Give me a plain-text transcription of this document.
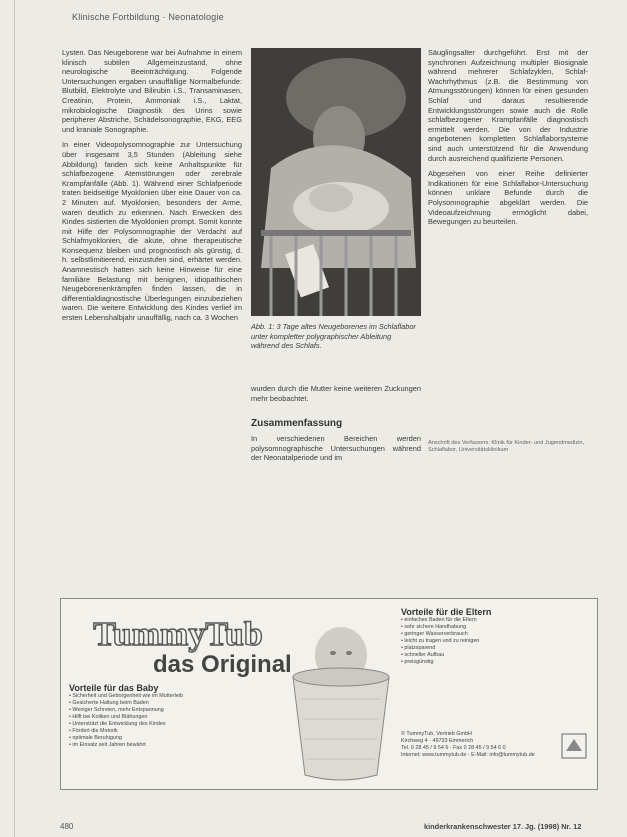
Klinische Fortbildung · Neonatologie

Lysten. Das Neugeborene war bei Aufnahme in einem klinisch subtilen Allgemeinzustand, ohne neurologische Beeinträchtigung. Folgende Untersuchungen ergaben unauffällige Normalbefunde: Blutbild, Elektrolyte und Bilirubin i.S., Transaminasen, Creatinin, Protein, Ammoniak i.S., Laktat, mikrobiologische Diagnostik des Urins sowie peripherer Abstriche, Schädelsonographie, EKG, EEG und kraniale Sonographie.

In einer Videopolysomnographie zur Untersuchung über insgesamt 3,5 Stunden (Ableitung siehe Abbildung) fanden sich keine Anhaltspunkte für schlafbezogene Atemstörungen oder zerebrale Krampfanfälle (Abb. 1). Während einer Schlafperiode traten beidseitige Myoklonien über eine Dauer von ca. 2 Minuten auf. Myoklonien, besonders der Arme, waren deutlich zu erkennen. Nach Erwecken des Kindes sistierten die Myoklonien prompt. Somit konnte mit Hilfe der Polysomnographie der Verdacht auf Schlafmyoklonien, die akute, ohne therapeutische Konsequenz bleiben und prognostisch als günstig, d. h. selbstlimitierend, einzustufen sind, erhärtet werden. Anamnestisch hatten sich keine Hinweise für eine familiäre Belastung mit benignen, idiopathischen Neugeborenenkrämpfen finden lassen, die in differentialdiagnostische Überlegungen einzubeziehen waren. Die weitere Entwicklung des Kindes verlief im ersten Lebenshalbjahr unauffällig, nach ca. 3 Wochen

Abb. 1: 3 Tage altes Neugeborenes im Schlaflabor unter kompletter polygraphischer Ableitung während des Schlafs.
wurden durch die Mutter keine weiteren Zuckungen mehr beobachtet.
Zusammenfassung
In verschiedenen Bereichen werden polysomnographische Untersuchungen während der Neonatalperiode und im

Säuglingsalter durchgeführt. Erst mit der synchronen Aufzeichnung multipler Biosignale während mehrerer Schlafzyklen, Schlaf-Wachrhythmus (z.B. die Bestimmung von Atmungsstörungen) können für einen gesunden Schlaf und daraus resultierende Entwicklungsstörungen sowie auch die Rolle schlafbezogener Krampfanfälle diagnostisch ermittelt werden. Die von der Industrie angebotenen kompletten Schlaflaborsysteme sind auch unterstützend für die Anwendung durch ausreichend qualifizierte Personen.

Abgesehen von einer Reihe definierter Indikationen für eine Schlaflabor-Untersuchung können unklare Befunde durch die Polysomnographie abgeklärt werden. Die Videoaufzeichnung ermöglicht dabei, Bewegungen zu beurteilen.

Anschrift des Verfassers: Klinik für Kinder- und Jugendmedizin, Schlaflabor, Universitätsklinikum
TummyTub
das Original
Vorteile für das Baby
• Sicherheit und Geborgenheit wie im Mutterleib
• Gesicherte Haltung beim Baden
• Weniger Schreien, mehr Entspannung
• Hilft bei Koliken und Blähungen
• Unterstützt die Entwicklung des Kindes
• Fördert die Motorik
• optimale Beruhigung
• im Einsatz seit Jahren bewährt
Vorteile für die Eltern
• einfaches Baden für die Eltern
• sehr sichere Handhabung
• geringer Wasserverbrauch
• leicht zu tragen und zu reinigen
• platzsparend
• schneller Aufbau
• preisgünstig
© TummyTub, Vertrieb GmbH
Kirchweg 4 · 49733 Emmerich
Tel. 0 28 45 / 9 54 6 · Fax 0 28 45 / 9 54 6 0
Internet: www.tummytub.de · E-Mail: info@tummytub.de
480	kinderkrankenschwester 17. Jg. (1998) Nr. 12
